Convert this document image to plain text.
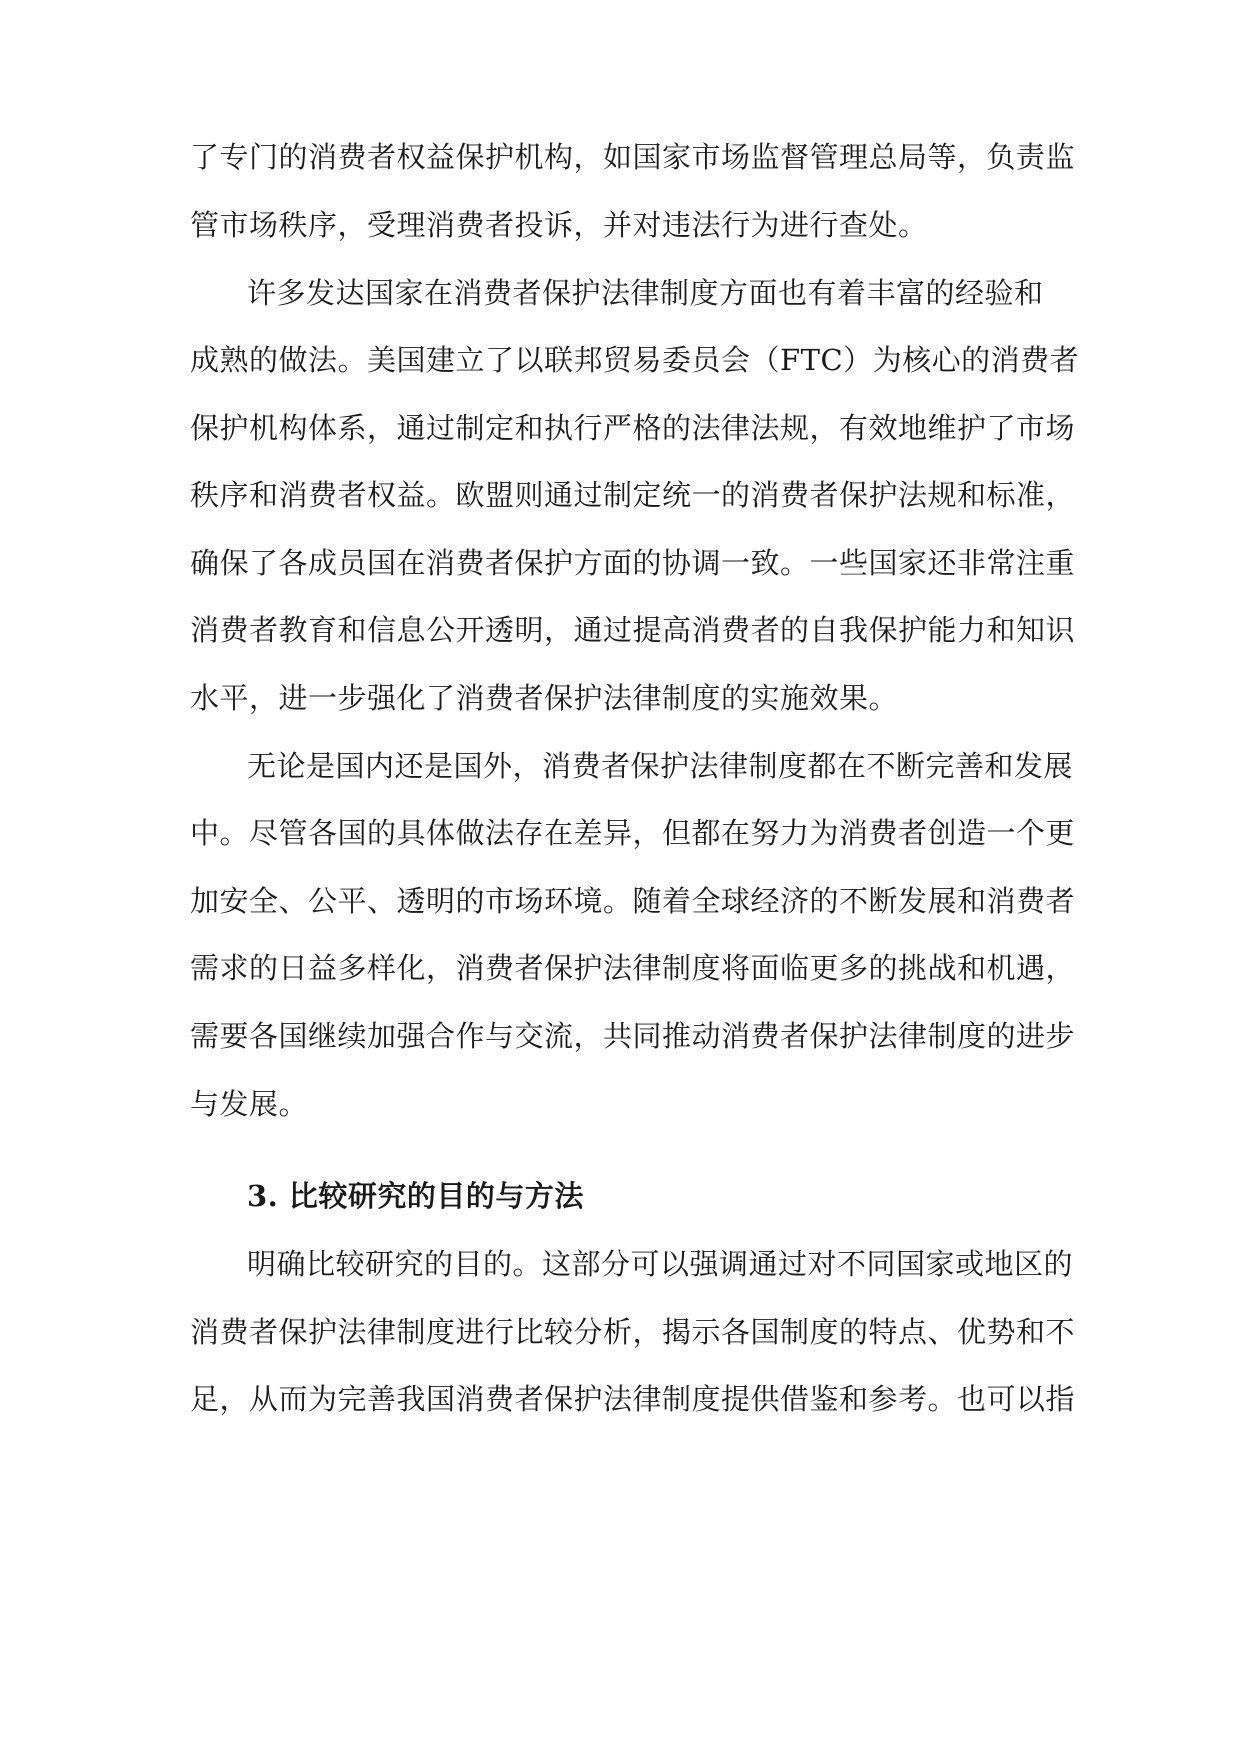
了专门的消费者权益保护机构，如国家市场监督管理总局等，负责监
管市场秩序，受理消费者投诉，并对违法行为进行查处。
许多发达国家在消费者保护法律制度方面也有着丰富的经验和
成熟的做法。美国建立了以联邦贸易委员会（FTC）为核心的消费者
保护机构体系，通过制定和执行严格的法律法规，有效地维护了市场
秩序和消费者权益。欧盟则通过制定统一的消费者保护法规和标准，
确保了各成员国在消费者保护方面的协调一致。一些国家还非常注重
消费者教育和信息公开透明，通过提高消费者的自我保护能力和知识
水平，进一步强化了消费者保护法律制度的实施效果。
无论是国内还是国外，消费者保护法律制度都在不断完善和发展
中。尽管各国的具体做法存在差异，但都在努力为消费者创造一个更
加安全、公平、透明的市场环境。随着全球经济的不断发展和消费者
需求的日益多样化，消费者保护法律制度将面临更多的挑战和机遇，
需要各国继续加强合作与交流，共同推动消费者保护法律制度的进步
与发展。
3. 比较研究的目的与方法
明确比较研究的目的。这部分可以强调通过对不同国家或地区的
消费者保护法律制度进行比较分析，揭示各国制度的特点、优势和不
足，从而为完善我国消费者保护法律制度提供借鉴和参考。也可以指
